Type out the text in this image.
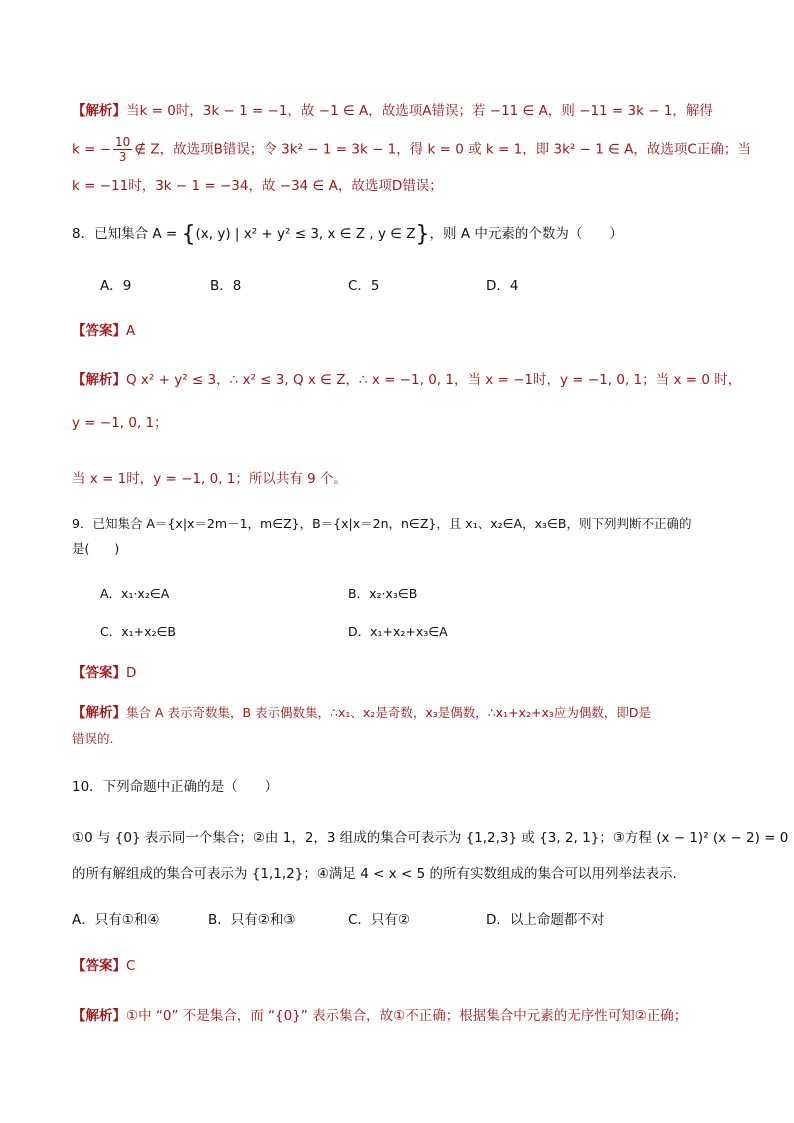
【解析】当k = 0时，3k − 1 = −1，故 −1 ∈ A，故选项A错误；若 −11 ∈ A，则 −11 = 3k − 1，解得
k = − $\frac{10}{3}$ ∉ Z，故选项B错误；令 3k² − 1 = 3k − 1，得 k = 0 或 k = 1，即 3k² − 1 ∈ A，故选项C正确；当
k = −11时，3k − 1 = −34，故 −34 ∈ A，故选项D错误；
8．已知集合 A = {(x, y) | x² + y² ≤ 3, x ∈ Z , y ∈ Z}，则 A 中元素的个数为（　　）
A．9	B．8	C．5	D．4
【答案】A
【解析】Q x² + y² ≤ 3，∴ x² ≤ 3, Q x ∈ Z，∴ x = −1, 0, 1，当 x = −1时，y = −1, 0, 1；当 x = 0 时，
y = −1, 0, 1；
当 x = 1时，y = −1, 0, 1；所以共有 9 个。
9．已知集合 A＝{x|x＝2m－1，m∈Z}，B＝{x|x＝2n，n∈Z}，且 x₁、x₂∈A，x₃∈B，则下列判断不正确的
是(　　)
A．x₁·x₂∈A	B．x₂·x₃∈B
C．x₁+x₂∈B	D．x₁+x₂+x₃∈A
【答案】D
【解析】集合 A 表示奇数集，B 表示偶数集，∴x₁、x₂是奇数，x₃是偶数，∴x₁+x₂+x₃应为偶数，即D是
错误的.
10．下列命题中正确的是（　　）
①0 与 {0} 表示同一个集合；②由 1，2，3 组成的集合可表示为 {1,2,3} 或 {3, 2, 1}；③方程 (x − 1)² (x − 2) = 0
的所有解组成的集合可表示为 {1,1,2}；④满足 4 < x < 5 的所有实数组成的集合可以用列举法表示.
A．只有①和④	B．只有②和③	C．只有②	D．以上命题都不对
【答案】C
【解析】①中 “0” 不是集合，而 “{0}” 表示集合，故①不正确；根据集合中元素的无序性可知②正确；
